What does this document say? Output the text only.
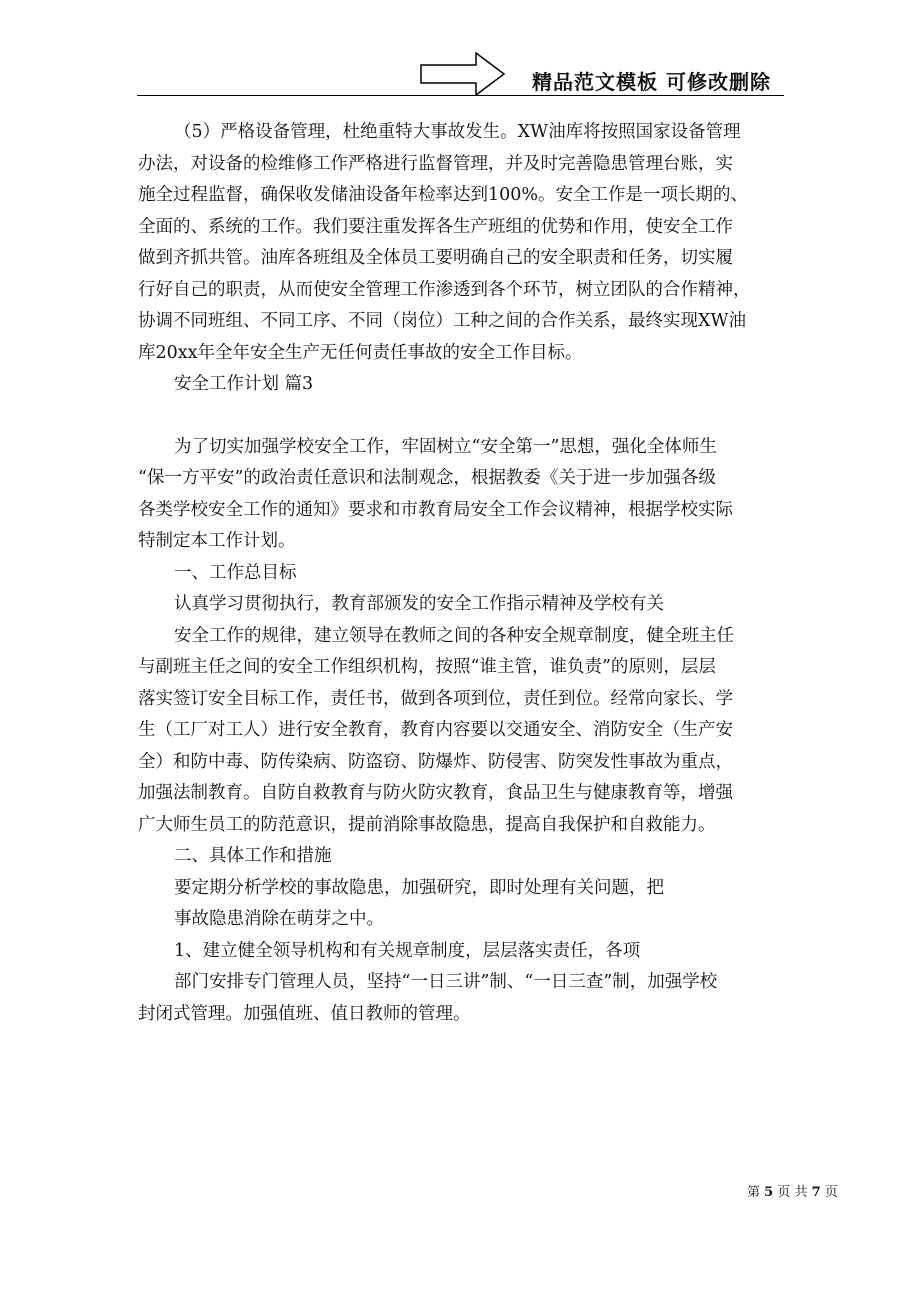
精品范文模板 可修改删除
（5）严格设备管理，杜绝重特大事故发生。XW油库将按照国家设备管理
办法，对设备的检维修工作严格进行监督管理，并及时完善隐患管理台账，实
施全过程监督，确保收发储油设备年检率达到100%。安全工作是一项长期的、
全面的、系统的工作。我们要注重发挥各生产班组的优势和作用，使安全工作
做到齐抓共管。油库各班组及全体员工要明确自己的安全职责和任务，切实履
行好自己的职责，从而使安全管理工作渗透到各个环节，树立团队的合作精神，
协调不同班组、不同工序、不同（岗位）工种之间的合作关系，最终实现XW油
库20xx年全年安全生产无任何责任事故的安全工作目标。
安全工作计划 篇3
为了切实加强学校安全工作，牢固树立“安全第一”思想，强化全体师生
“保一方平安”的政治责任意识和法制观念，根据教委《关于进一步加强各级
各类学校安全工作的通知》要求和市教育局安全工作会议精神，根据学校实际
特制定本工作计划。
一、工作总目标
认真学习贯彻执行，教育部颁发的安全工作指示精神及学校有关
安全工作的规律，建立领导在教师之间的各种安全规章制度，健全班主任
与副班主任之间的安全工作组织机构，按照“谁主管，谁负责”的原则，层层
落实签订安全目标工作，责任书，做到各项到位，责任到位。经常向家长、学
生（工厂对工人）进行安全教育，教育内容要以交通安全、消防安全（生产安
全）和防中毒、防传染病、防盗窃、防爆炸、防侵害、防突发性事故为重点，
加强法制教育。自防自救教育与防火防灾教育，食品卫生与健康教育等，增强
广大师生员工的防范意识，提前消除事故隐患，提高自我保护和自救能力。
二、具体工作和措施
要定期分析学校的事故隐患，加强研究，即时处理有关问题，把
事故隐患消除在萌芽之中。
1、建立健全领导机构和有关规章制度，层层落实责任，各项
部门安排专门管理人员，坚持“一日三讲”制、“一日三查”制，加强学校
封闭式管理。加强值班、值日教师的管理。
第 5 页 共 7 页
